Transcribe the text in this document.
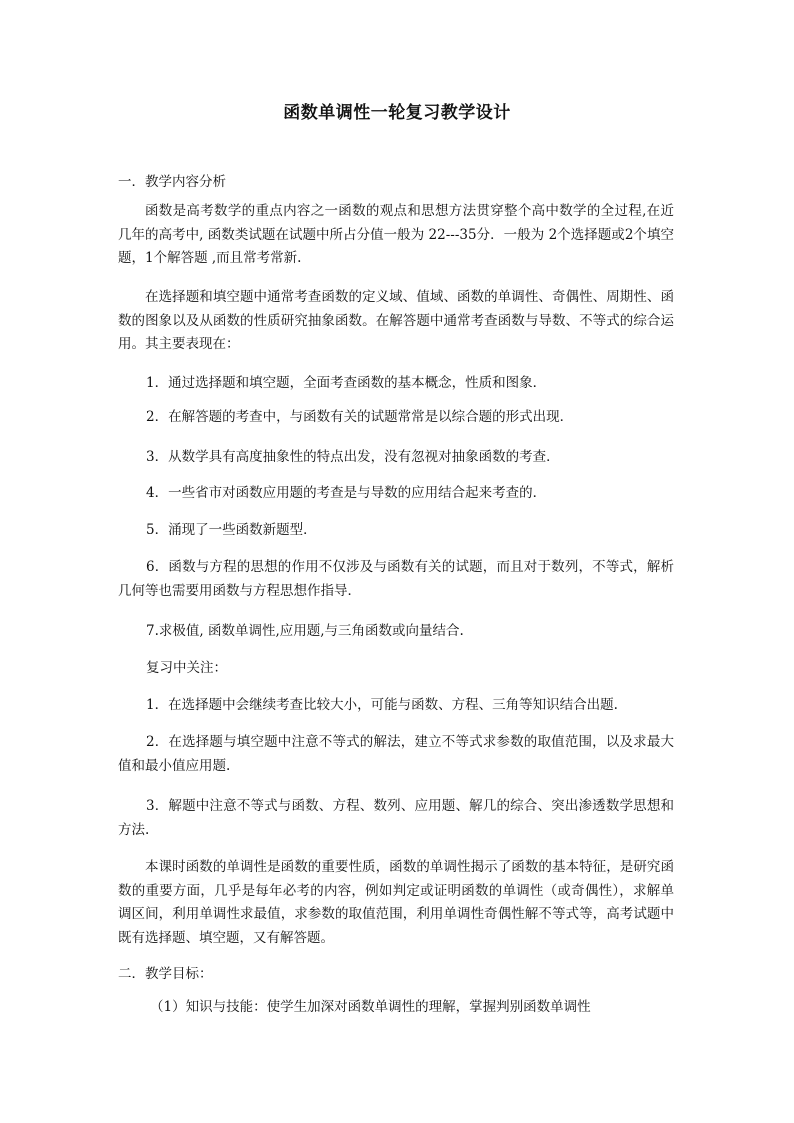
函数单调性一轮复习教学设计
一．教学内容分析
函数是高考数学的重点内容之一函数的观点和思想方法贯穿整个高中数学的全过程,在近几年的高考中, 函数类试题在试题中所占分值一般为 22---35分．一般为 2个选择题或2个填空题，1个解答题 ,而且常考常新.
在选择题和填空题中通常考查函数的定义域、值域、函数的单调性、奇偶性、周期性、函数的图象以及从函数的性质研究抽象函数。在解答题中通常考查函数与导数、不等式的综合运用。其主要表现在：
1．通过选择题和填空题，全面考查函数的基本概念，性质和图象．
2．在解答题的考查中，与函数有关的试题常常是以综合题的形式出现．
3．从数学具有高度抽象性的特点出发，没有忽视对抽象函数的考查．
4．一些省市对函数应用题的考查是与导数的应用结合起来考查的．
5．涌现了一些函数新题型．
6．函数与方程的思想的作用不仅涉及与函数有关的试题，而且对于数列，不等式，解析几何等也需要用函数与方程思想作指导．
7.求极值, 函数单调性,应用题,与三角函数或向量结合.
复习中关注：
1．在选择题中会继续考查比较大小，可能与函数、方程、三角等知识结合出题.
2．在选择题与填空题中注意不等式的解法，建立不等式求参数的取值范围，以及求最大值和最小值应用题.
3．解题中注意不等式与函数、方程、数列、应用题、解几的综合、突出渗透数学思想和方法.
本课时函数的单调性是函数的重要性质，函数的单调性揭示了函数的基本特征，是研究函数的重要方面，几乎是每年必考的内容，例如判定或证明函数的单调性（或奇偶性），求解单调区间，利用单调性求最值，求参数的取值范围，利用单调性奇偶性解不等式等，高考试题中既有选择题、填空题，又有解答题。
二．教学目标：
（1）知识与技能：使学生加深对函数单调性的理解，掌握判别函数单调性
